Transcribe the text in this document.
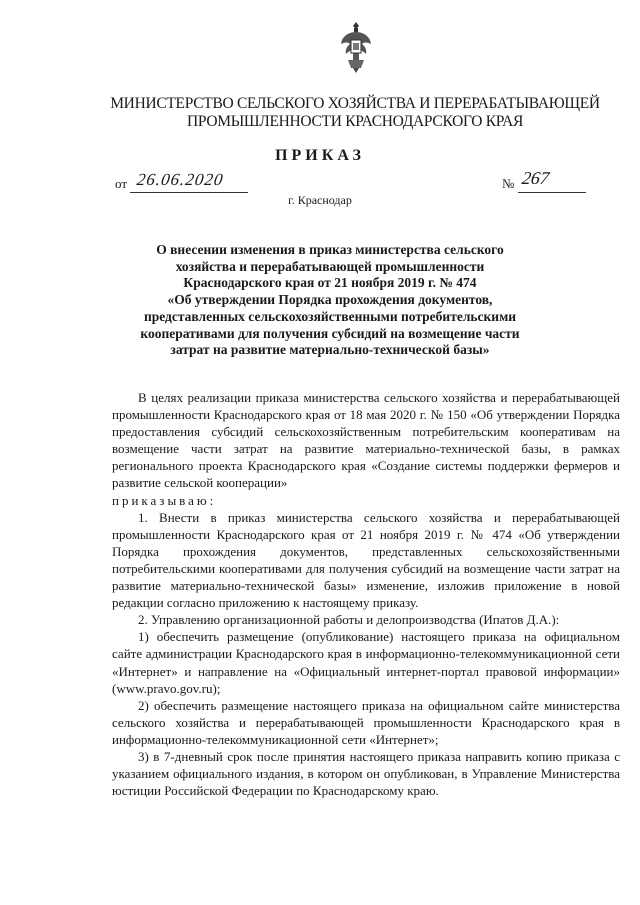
МИНИСТЕРСТВО СЕЛЬСКОГО ХОЗЯЙСТВА И ПЕРЕРАБАТЫВАЮЩЕЙ
ПРОМЫШЛЕННОСТИ КРАСНОДАРСКОГО КРАЯ
ПРИКАЗ
от 26.06.2020
г. Краснодар
№ 267
О внесении изменения в приказ министерства сельского
хозяйства и перерабатывающей промышленности
Краснодарского края от 21 ноября 2019 г. № 474
«Об утверждении Порядка прохождения документов,
представленных сельскохозяйственными потребительскими
кооперативами для получения субсидий на возмещение части
затрат на развитие материально-технической базы»

В целях реализации приказа министерства сельского хозяйства и перерабатывающей промышленности Краснодарского края от 18 мая 2020 г. № 150 «Об утверждении Порядка предоставления субсидий сельскохозяйственным потребительским кооперативам на возмещение части затрат на развитие материально-технической базы, в рамках регионального проекта Краснодарского края «Создание системы поддержки фермеров и развитие сельской кооперации»

приказываю:

1. Внести в приказ министерства сельского хозяйства и перерабатывающей промышленности Краснодарского края от 21 ноября 2019 г. № 474 «Об утверждении Порядка прохождения документов, представленных сельскохозяйственными потребительскими кооперативами для получения субсидий на возмещение части затрат на развитие материально-технической базы» изменение, изложив приложение в новой редакции согласно приложению к настоящему приказу.

2. Управлению организационной работы и делопроизводства (Ипатов Д.А.):

1) обеспечить размещение (опубликование) настоящего приказа на официальном сайте администрации Краснодарского края в информационно-телекоммуникационной сети «Интернет» и направление на «Официальный интернет-портал правовой информации» (www.pravo.gov.ru);

2) обеспечить размещение настоящего приказа на официальном сайте министерства сельского хозяйства и перерабатывающей промышленности Краснодарского края в информационно-телекоммуникационной сети «Интернет»;

3) в 7-дневный срок после принятия настоящего приказа направить копию приказа с указанием официального издания, в котором он опубликован, в Управление Министерства юстиции Российской Федерации по Краснодарскому краю.
